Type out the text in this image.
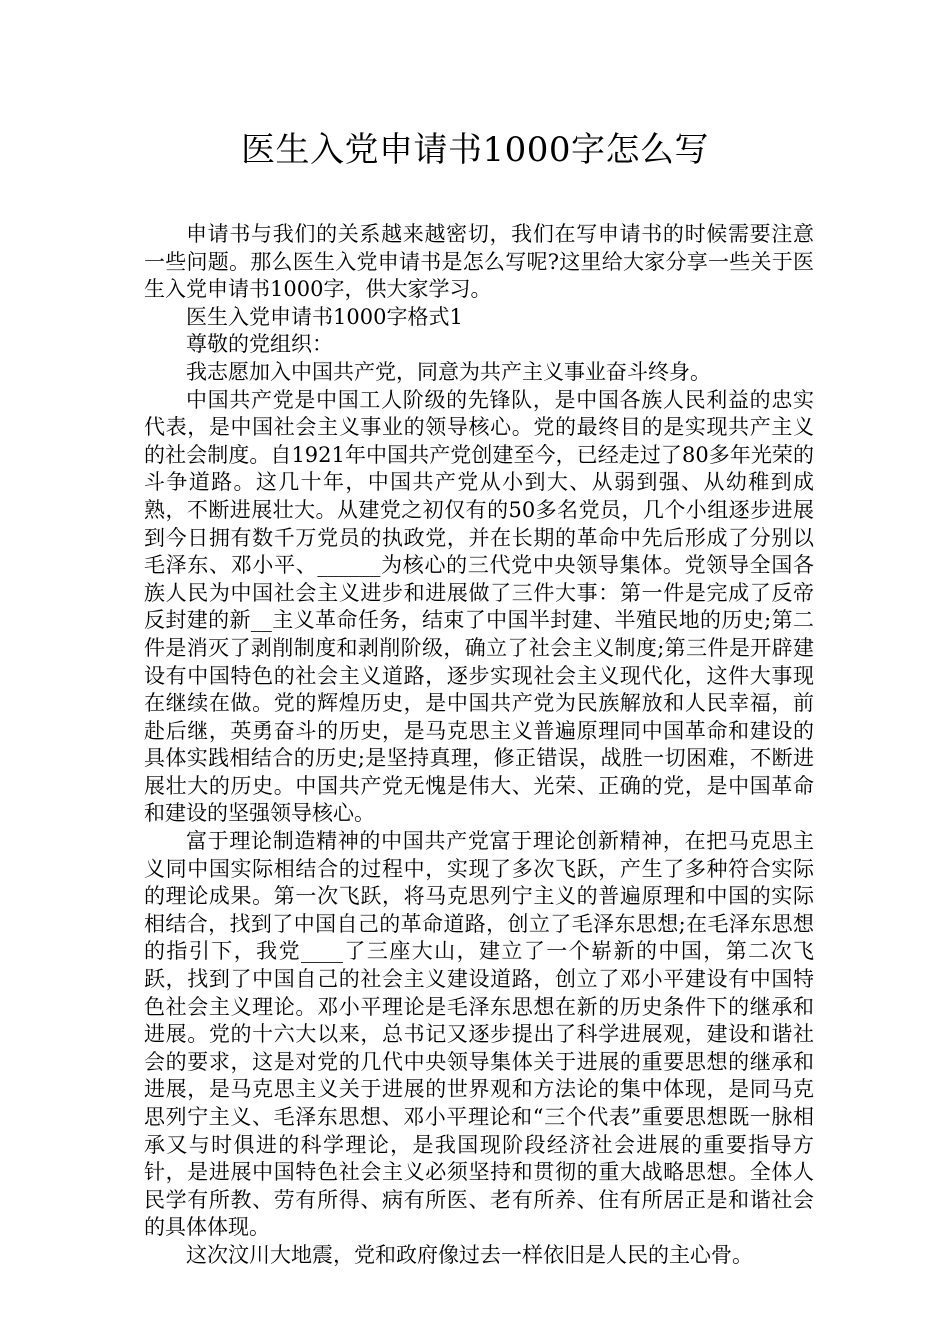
医生入党申请书1000字怎么写

申请书与我们的关系越来越密切，我们在写申请书的时候需要注意一些问题。那么医生入党申请书是怎么写呢?这里给大家分享一些关于医生入党申请书1000字，供大家学习。

医生入党申请书1000字格式1

尊敬的党组织：

我志愿加入中国共产党，同意为共产主义事业奋斗终身。

中国共产党是中国工人阶级的先锋队，是中国各族人民利益的忠实代表，是中国社会主义事业的领导核心。党的最终目的是实现共产主义的社会制度。自1921年中国共产党创建至今，已经走过了80多年光荣的斗争道路。这几十年，中国共产党从小到大、从弱到强、从幼稚到成熟，不断进展壮大。从建党之初仅有的50多名党员，几个小组逐步进展到今日拥有数千万党员的执政党，并在长期的革命中先后形成了分别以毛泽东、邓小平、______为核心的三代党中央领导集体。党领导全国各族人民为中国社会主义进步和进展做了三件大事：第一件是完成了反帝反封建的新__主义革命任务，结束了中国半封建、半殖民地的历史;第二件是消灭了剥削制度和剥削阶级，确立了社会主义制度;第三件是开辟建设有中国特色的社会主义道路，逐步实现社会主义现代化，这件大事现在继续在做。党的辉煌历史，是中国共产党为民族解放和人民幸福，前赴后继，英勇奋斗的历史，是马克思主义普遍原理同中国革命和建设的具体实践相结合的历史;是坚持真理，修正错误，战胜一切困难，不断进展壮大的历史。中国共产党无愧是伟大、光荣、正确的党，是中国革命和建设的坚强领导核心。

富于理论制造精神的中国共产党富于理论创新精神，在把马克思主义同中国实际相结合的过程中，实现了多次飞跃，产生了多种符合实际的理论成果。第一次飞跃，将马克思列宁主义的普遍原理和中国的实际相结合，找到了中国自己的革命道路，创立了毛泽东思想;在毛泽东思想的指引下，我党____了三座大山，建立了一个崭新的中国，第二次飞跃，找到了中国自己的社会主义建设道路，创立了邓小平建设有中国特色社会主义理论。邓小平理论是毛泽东思想在新的历史条件下的继承和进展。党的十六大以来，总书记又逐步提出了科学进展观，建设和谐社会的要求，这是对党的几代中央领导集体关于进展的重要思想的继承和进展，是马克思主义关于进展的世界观和方法论的集中体现，是同马克思列宁主义、毛泽东思想、邓小平理论和“三个代表”重要思想既一脉相承又与时俱进的科学理论，是我国现阶段经济社会进展的重要指导方针，是进展中国特色社会主义必须坚持和贯彻的重大战略思想。全体人民学有所教、劳有所得、病有所医、老有所养、住有所居正是和谐社会的具体体现。

这次汶川大地震，党和政府像过去一样依旧是人民的主心骨。
